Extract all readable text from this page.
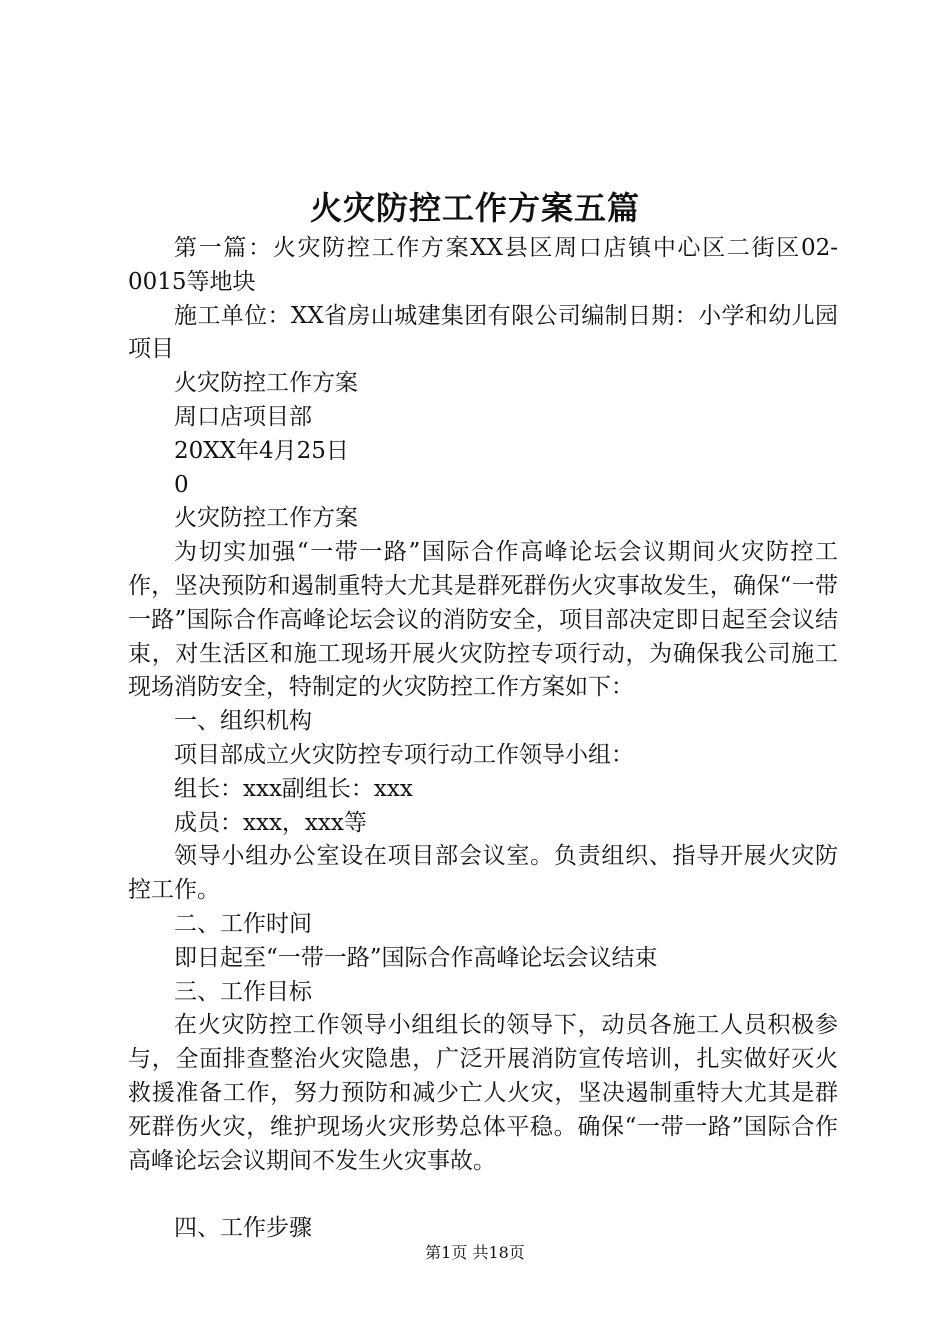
火灾防控工作方案五篇

第一篇：火灾防控工作方案XX县区周口店镇中心区二街区02-0015等地块

施工单位：XX省房山城建集团有限公司编制日期：小学和幼儿园项目

火灾防控工作方案

周口店项目部

20XX年4月25日

0

火灾防控工作方案

为切实加强“一带一路”国际合作高峰论坛会议期间火灾防控工作，坚决预防和遏制重特大尤其是群死群伤火灾事故发生，确保“一带一路”国际合作高峰论坛会议的消防安全，项目部决定即日起至会议结束，对生活区和施工现场开展火灾防控专项行动，为确保我公司施工现场消防安全，特制定的火灾防控工作方案如下：

一、组织机构

项目部成立火灾防控专项行动工作领导小组：

组长：xxx副组长：xxx

成员：xxx，xxx等

领导小组办公室设在项目部会议室。负责组织、指导开展火灾防控工作。

二、工作时间

即日起至“一带一路”国际合作高峰论坛会议结束

三、工作目标

在火灾防控工作领导小组组长的领导下，动员各施工人员积极参与，全面排查整治火灾隐患，广泛开展消防宣传培训，扎实做好灭火救援准备工作，努力预防和减少亡人火灾，坚决遏制重特大尤其是群死群伤火灾，维护现场火灾形势总体平稳。确保“一带一路”国际合作高峰论坛会议期间不发生火灾事故。

四、工作步骤

第1页 共18页
